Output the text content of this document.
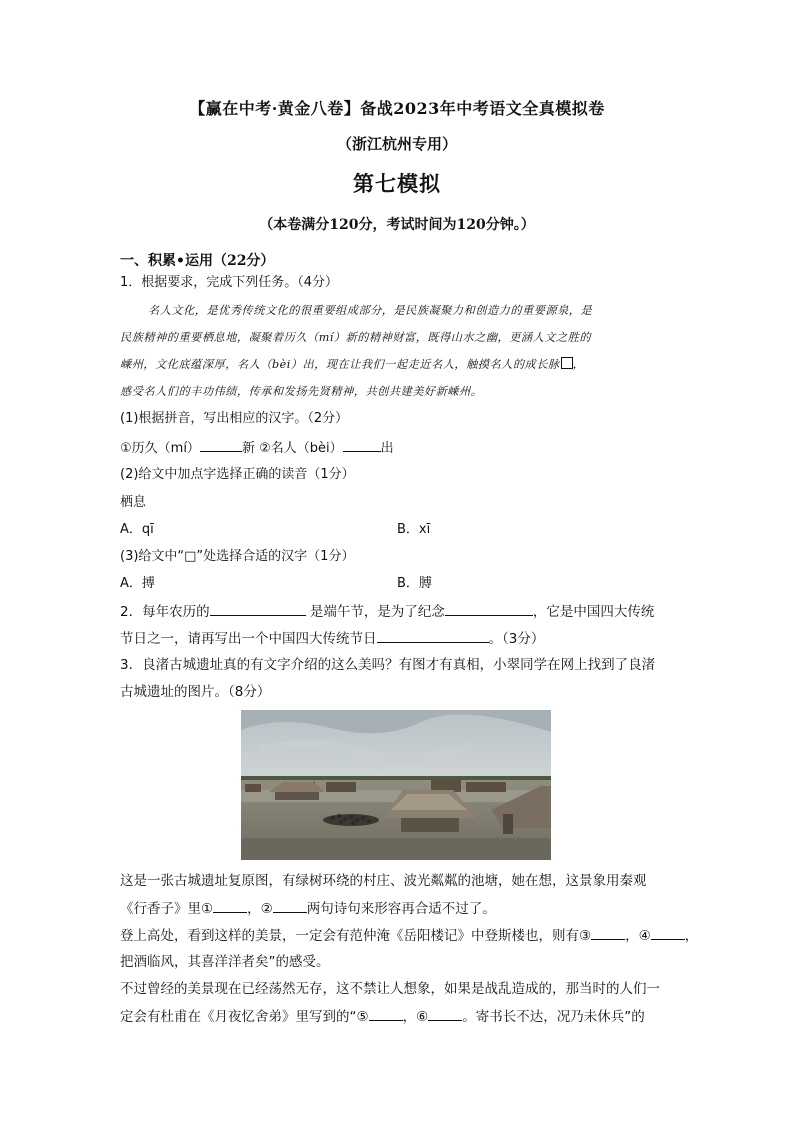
【赢在中考·黄金八卷】备战2023年中考语文全真模拟卷
（浙江杭州专用）
第七模拟
（本卷满分120分，考试时间为120分钟。）
一、积累•运用（22分）
1．根据要求，完成下列任务。（4分）
名人文化，是优秀传统文化的很重要组成部分，是民族凝聚力和创造力的重要源泉，是
民族精神的重要栖息地，凝聚着历久（mí）新的精神财富，既得山水之幽，更涵人文之胜的
嵊州，文化底蕴深厚，名人（bèi）出，现在让我们一起走近名人，触摸名人的成长脉 ，
感受名人们的丰功伟绩，传承和发扬先贤精神，共创共建美好新嵊州。
(1)根据拼音，写出相应的汉字。（2分）
①历久（mí）	新 ②名人（bèi）	出
(2)给文中加点字选择正确的读音（1分）
栖息
A．qī	B．xī
(3)给文中“□”处选择合适的汉字（1分）
A．搏	B．膊
2．每年农历的	是端午节，是为了纪念	，它是中国四大传统
节日之一，请再写出一个中国四大传统节日	。（3分）
3．良渚古城遗址真的有文字介绍的这么美吗？有图才有真相，小翠同学在网上找到了良渚
古城遗址的图片。（8分）
这是一张古城遗址复原图，有绿树环绕的村庄、波光粼粼的池塘，她在想，这景象用秦观
《行香子》里①	，②	两句诗句来形容再合适不过了。
登上高处，看到这样的美景，一定会有范仲淹《岳阳楼记》中登斯楼也，则有③	，④	，
把酒临风，其喜洋洋者矣”的感受。
不过曾经的美景现在已经荡然无存，这不禁让人想象，如果是战乱造成的，那当时的人们一
定会有杜甫在《月夜忆舍弟》里写到的“⑤	，⑥	。寄书长不达，况乃未休兵”的
